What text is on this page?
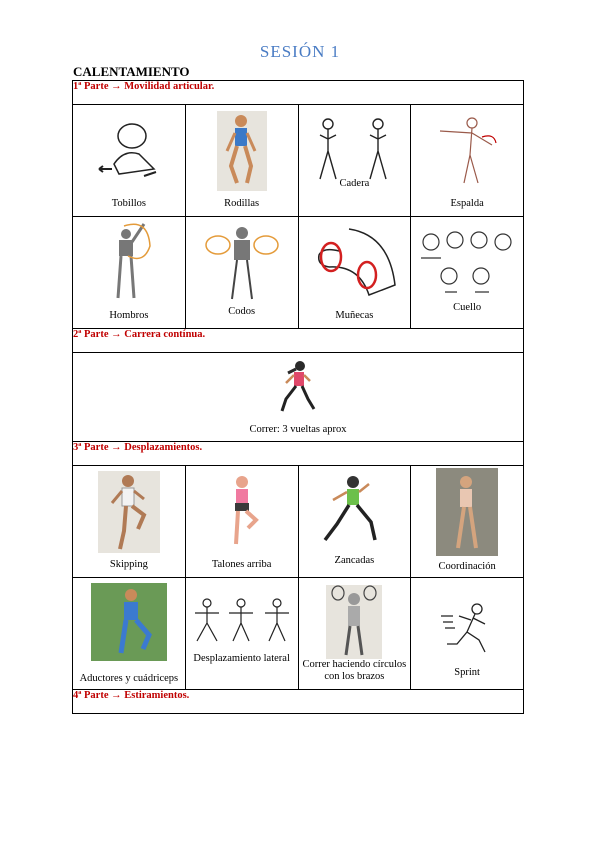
SESIÓN 1
CALENTAMIENTO
1ª Parte → Movilidad articular.			

Tobillos	Rodillas	Cadera	Espalda

Hombros	Codos	Muñecas	Cuello

2ª Parte → Carrera contínua.			

Correr: 3 vueltas aprox			

3ª Parte → Desplazamientos.			

Skipping	Talones arriba	Zancadas	Coordinación

Aductores y cuádriceps	Desplazamiento lateral	Correr haciendo círculos con los brazos	Sprint

4ª Parte → Estiramientos.			
